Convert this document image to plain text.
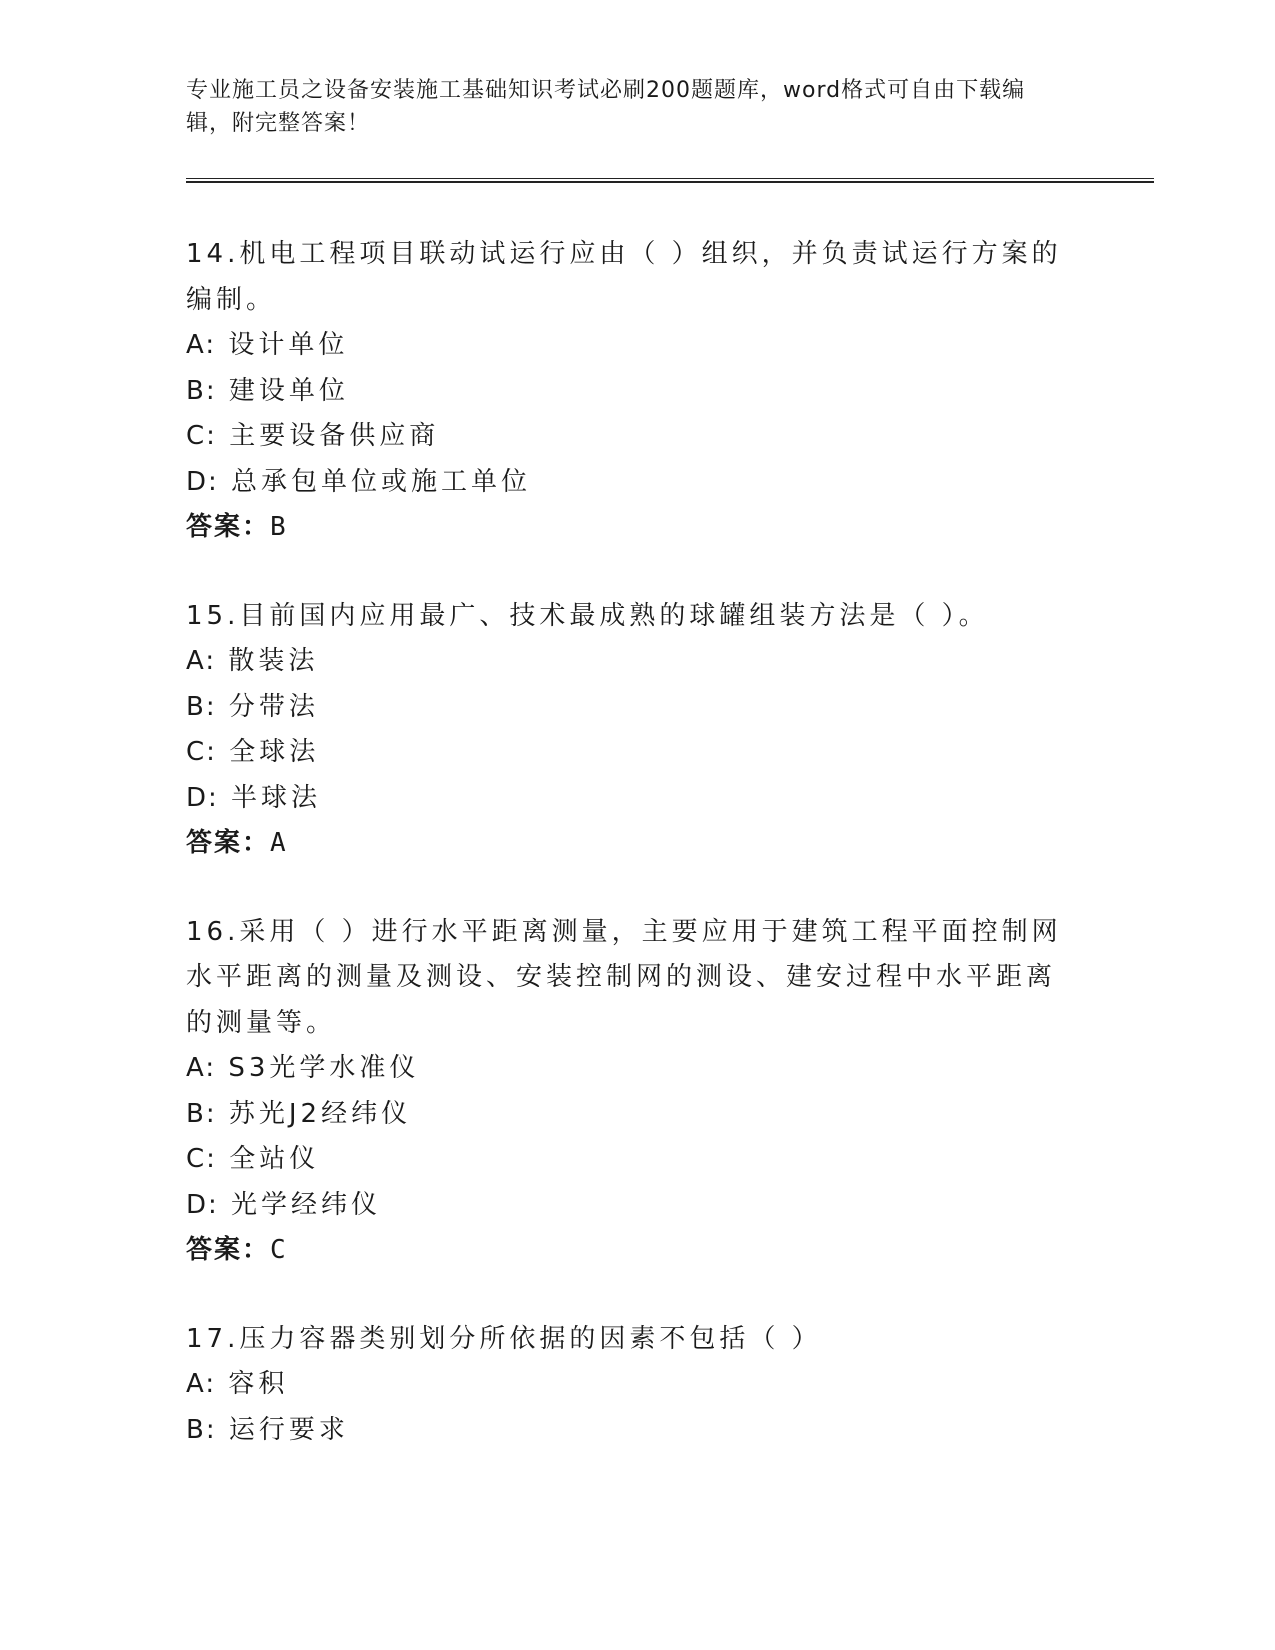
专业施工员之设备安装施工基础知识考试必刷200题题库，word格式可自由下载编辑，附完整答案！
14.机电工程项目联动试运行应由（ ）组织，并负责试运行方案的编制。
A: 设计单位
B: 建设单位
C: 主要设备供应商
D: 总承包单位或施工单位
答案：B
15.目前国内应用最广、技术最成熟的球罐组装方法是（ ）。
A: 散装法
B: 分带法
C: 全球法
D: 半球法
答案：A
16.采用（ ）进行水平距离测量，主要应用于建筑工程平面控制网水平距离的测量及测设、安装控制网的测设、建安过程中水平距离的测量等。
A: S3光学水准仪
B: 苏光J2经纬仪
C: 全站仪
D: 光学经纬仪
答案：C
17.压力容器类别划分所依据的因素不包括（ ）
A: 容积
B: 运行要求
